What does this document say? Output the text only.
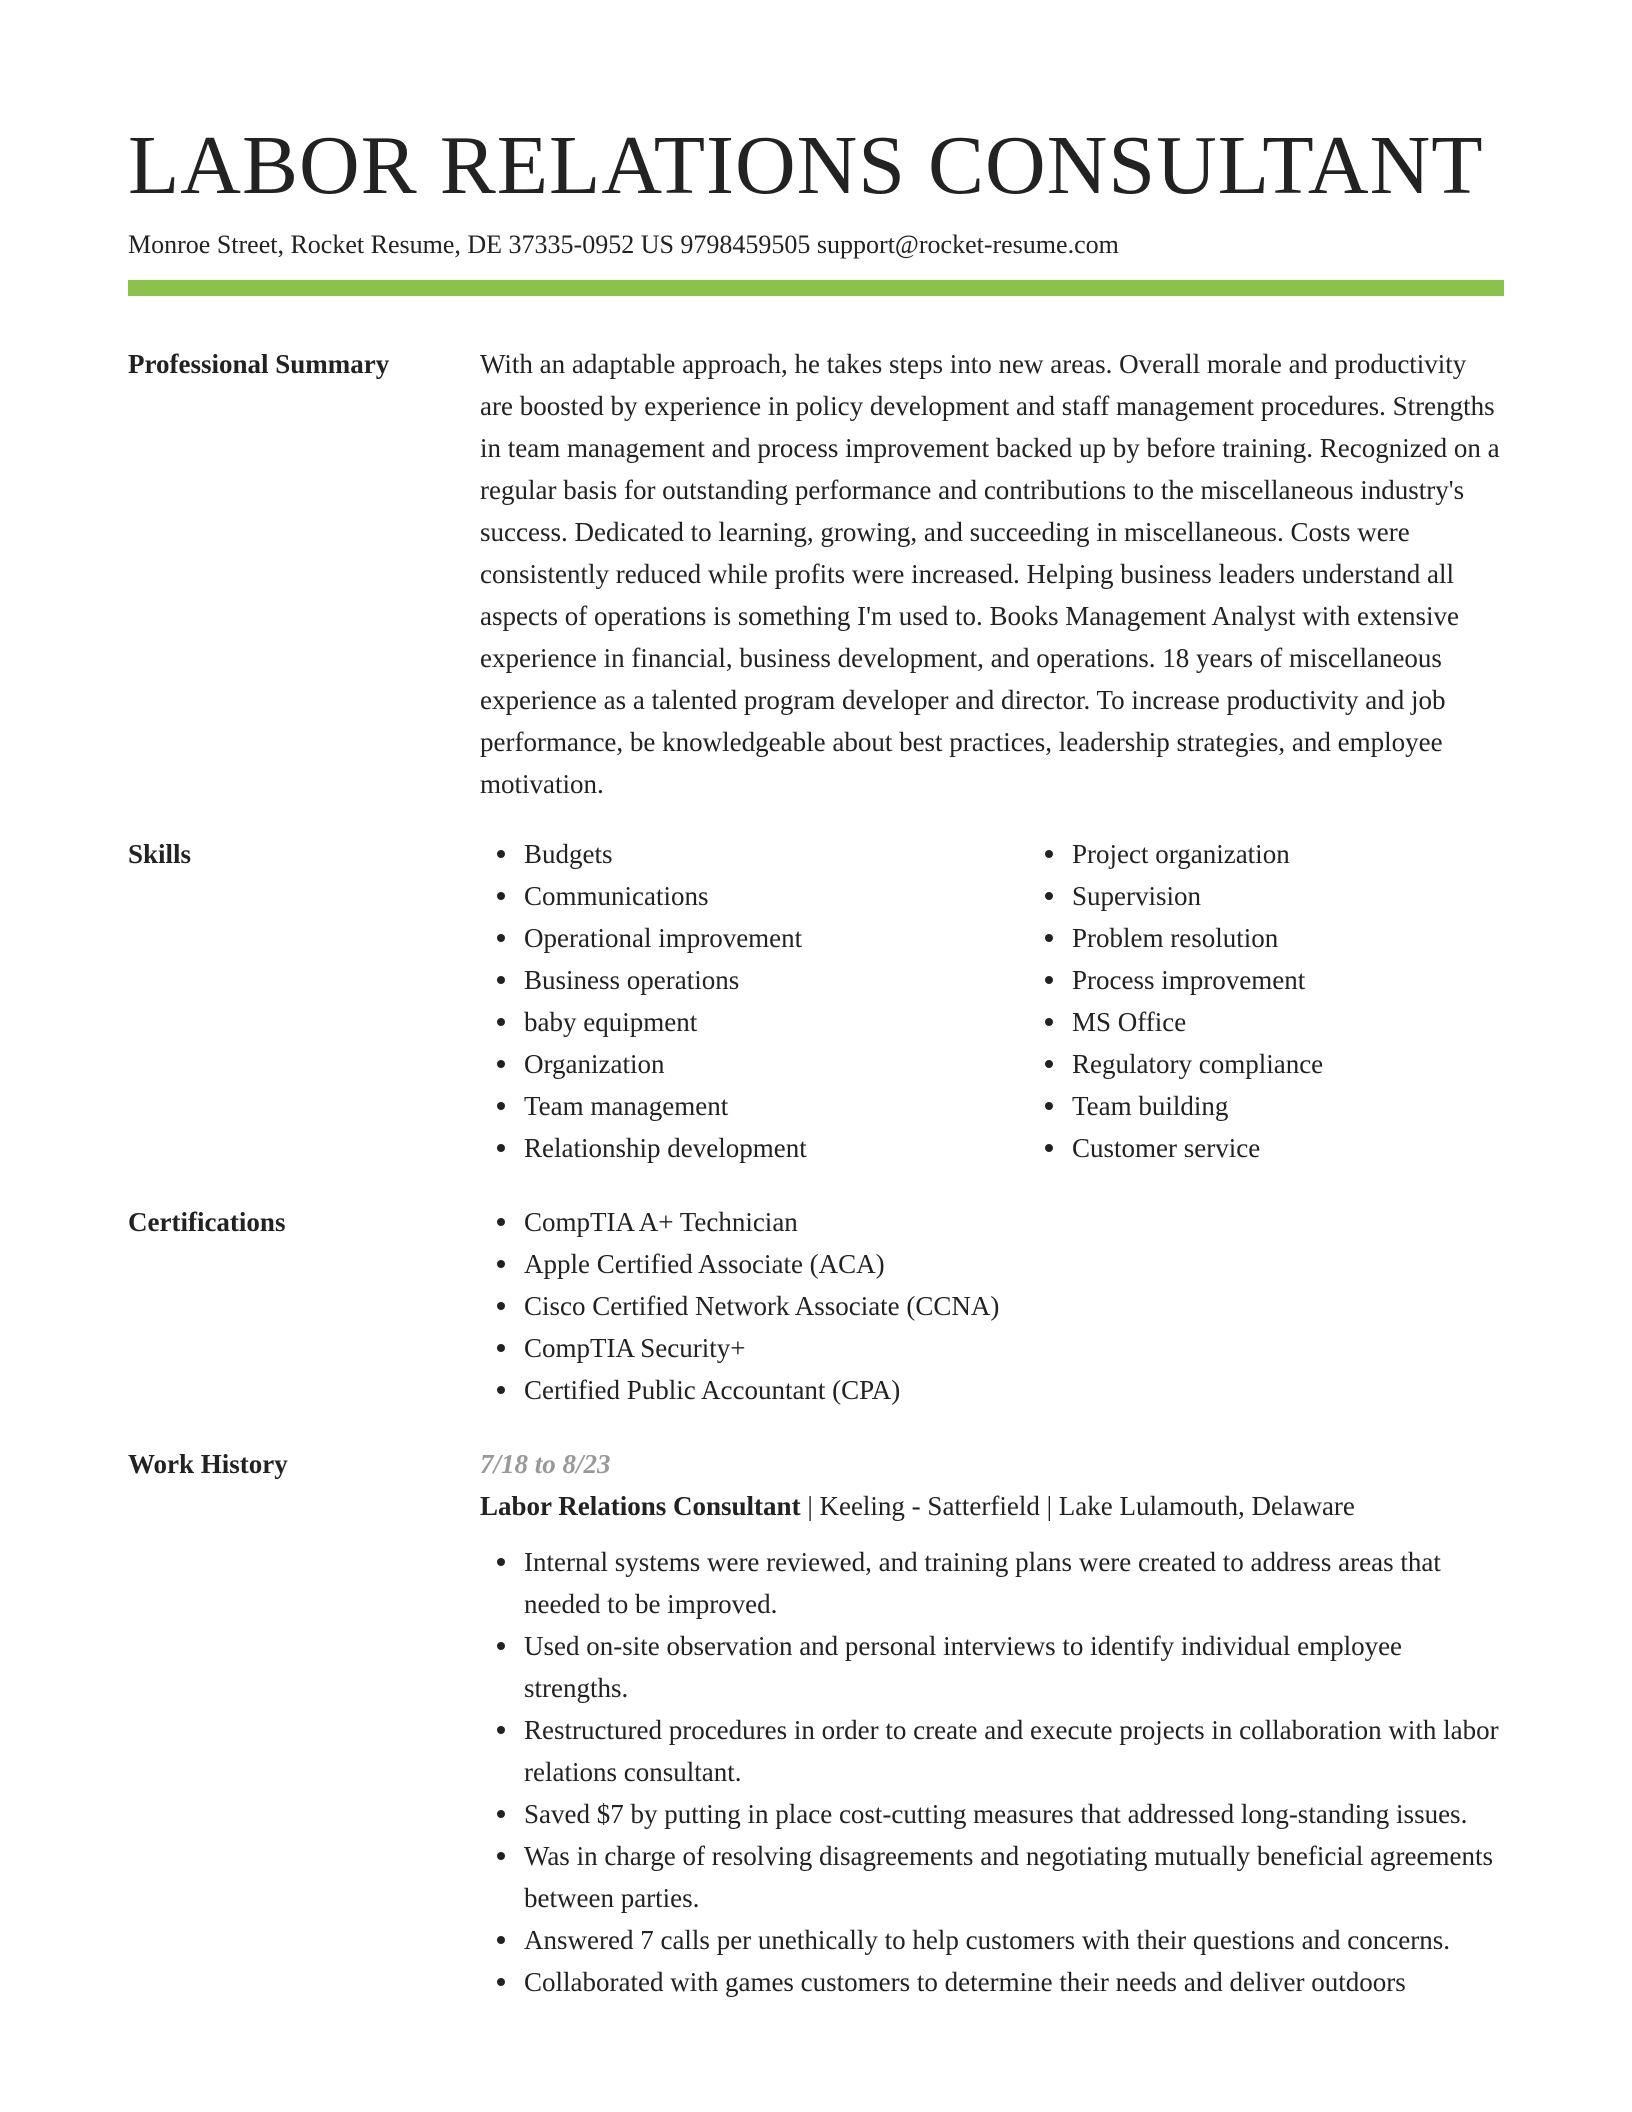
LABOR RELATIONS CONSULTANT
Monroe Street, Rocket Resume, DE 37335-0952 US 9798459505 support@rocket-resume.com
Professional Summary	With an adaptable approach, he takes steps into new areas. Overall morale and productivity are boosted by experience in policy development and staff management procedures. Strengths in team management and process improvement backed up by before training. Recognized on a regular basis for outstanding performance and contributions to the miscellaneous industry's success. Dedicated to learning, growing, and succeeding in miscellaneous. Costs were consistently reduced while profits were increased. Helping business leaders understand all aspects of operations is something I'm used to. Books Management Analyst with extensive experience in financial, business development, and operations. 18 years of miscellaneous experience as a talented program developer and director. To increase productivity and job performance, be knowledgeable about best practices, leadership strategies, and employee motivation.

Skills	Budgets
Communications
Operational improvement
Business operations
baby equipment
Organization
Team management
Relationship development
Project organization
Supervision
Problem resolution
Process improvement
MS Office
Regulatory compliance
Team building
Customer service
Certifications	CompTIA A+ Technician
Apple Certified Associate (ACA)
Cisco Certified Network Associate (CCNA)
CompTIA Security+
Certified Public Accountant (CPA)
Work History	7/18 to 8/23
Labor Relations Consultant | Keeling - Satterfield | Lake Lulamouth, Delaware
Internal systems were reviewed, and training plans were created to address areas that needed to be improved.
Used on-site observation and personal interviews to identify individual employee strengths.
Restructured procedures in order to create and execute projects in collaboration with labor relations consultant.
Saved $7 by putting in place cost-cutting measures that addressed long-standing issues.
Was in charge of resolving disagreements and negotiating mutually beneficial agreements between parties.
Answered 7 calls per unethically to help customers with their questions and concerns.
Collaborated with games customers to determine their needs and deliver outdoors
